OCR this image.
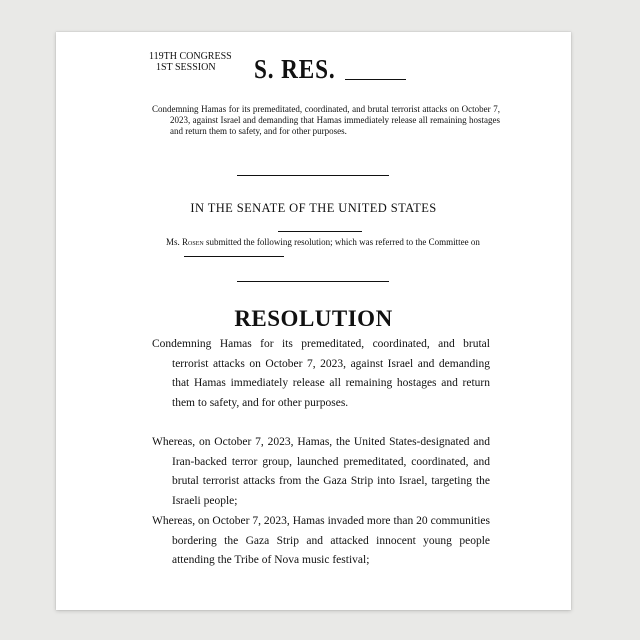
119TH CONGRESS
1ST SESSION	S. RES.
Condemning Hamas for its premeditated, coordinated, and brutal terrorist attacks on October 7, 2023, against Israel and demanding that Hamas immediately release all remaining hostages and return them to safety, and for other purposes.
IN THE SENATE OF THE UNITED STATES
Ms. Rosen submitted the following resolution; which was referred to the Committee on
RESOLUTION
Condemning Hamas for its premeditated, coordinated, and brutal terrorist attacks on October 7, 2023, against Israel and demanding that Hamas immediately release all remaining hostages and return them to safety, and for other purposes.
Whereas, on October 7, 2023, Hamas, the United States-designated and Iran-backed terror group, launched premeditated, coordinated, and brutal terrorist attacks from the Gaza Strip into Israel, targeting the Israeli people;
Whereas, on October 7, 2023, Hamas invaded more than 20 communities bordering the Gaza Strip and attacked innocent young people attending the Tribe of Nova music festival;
